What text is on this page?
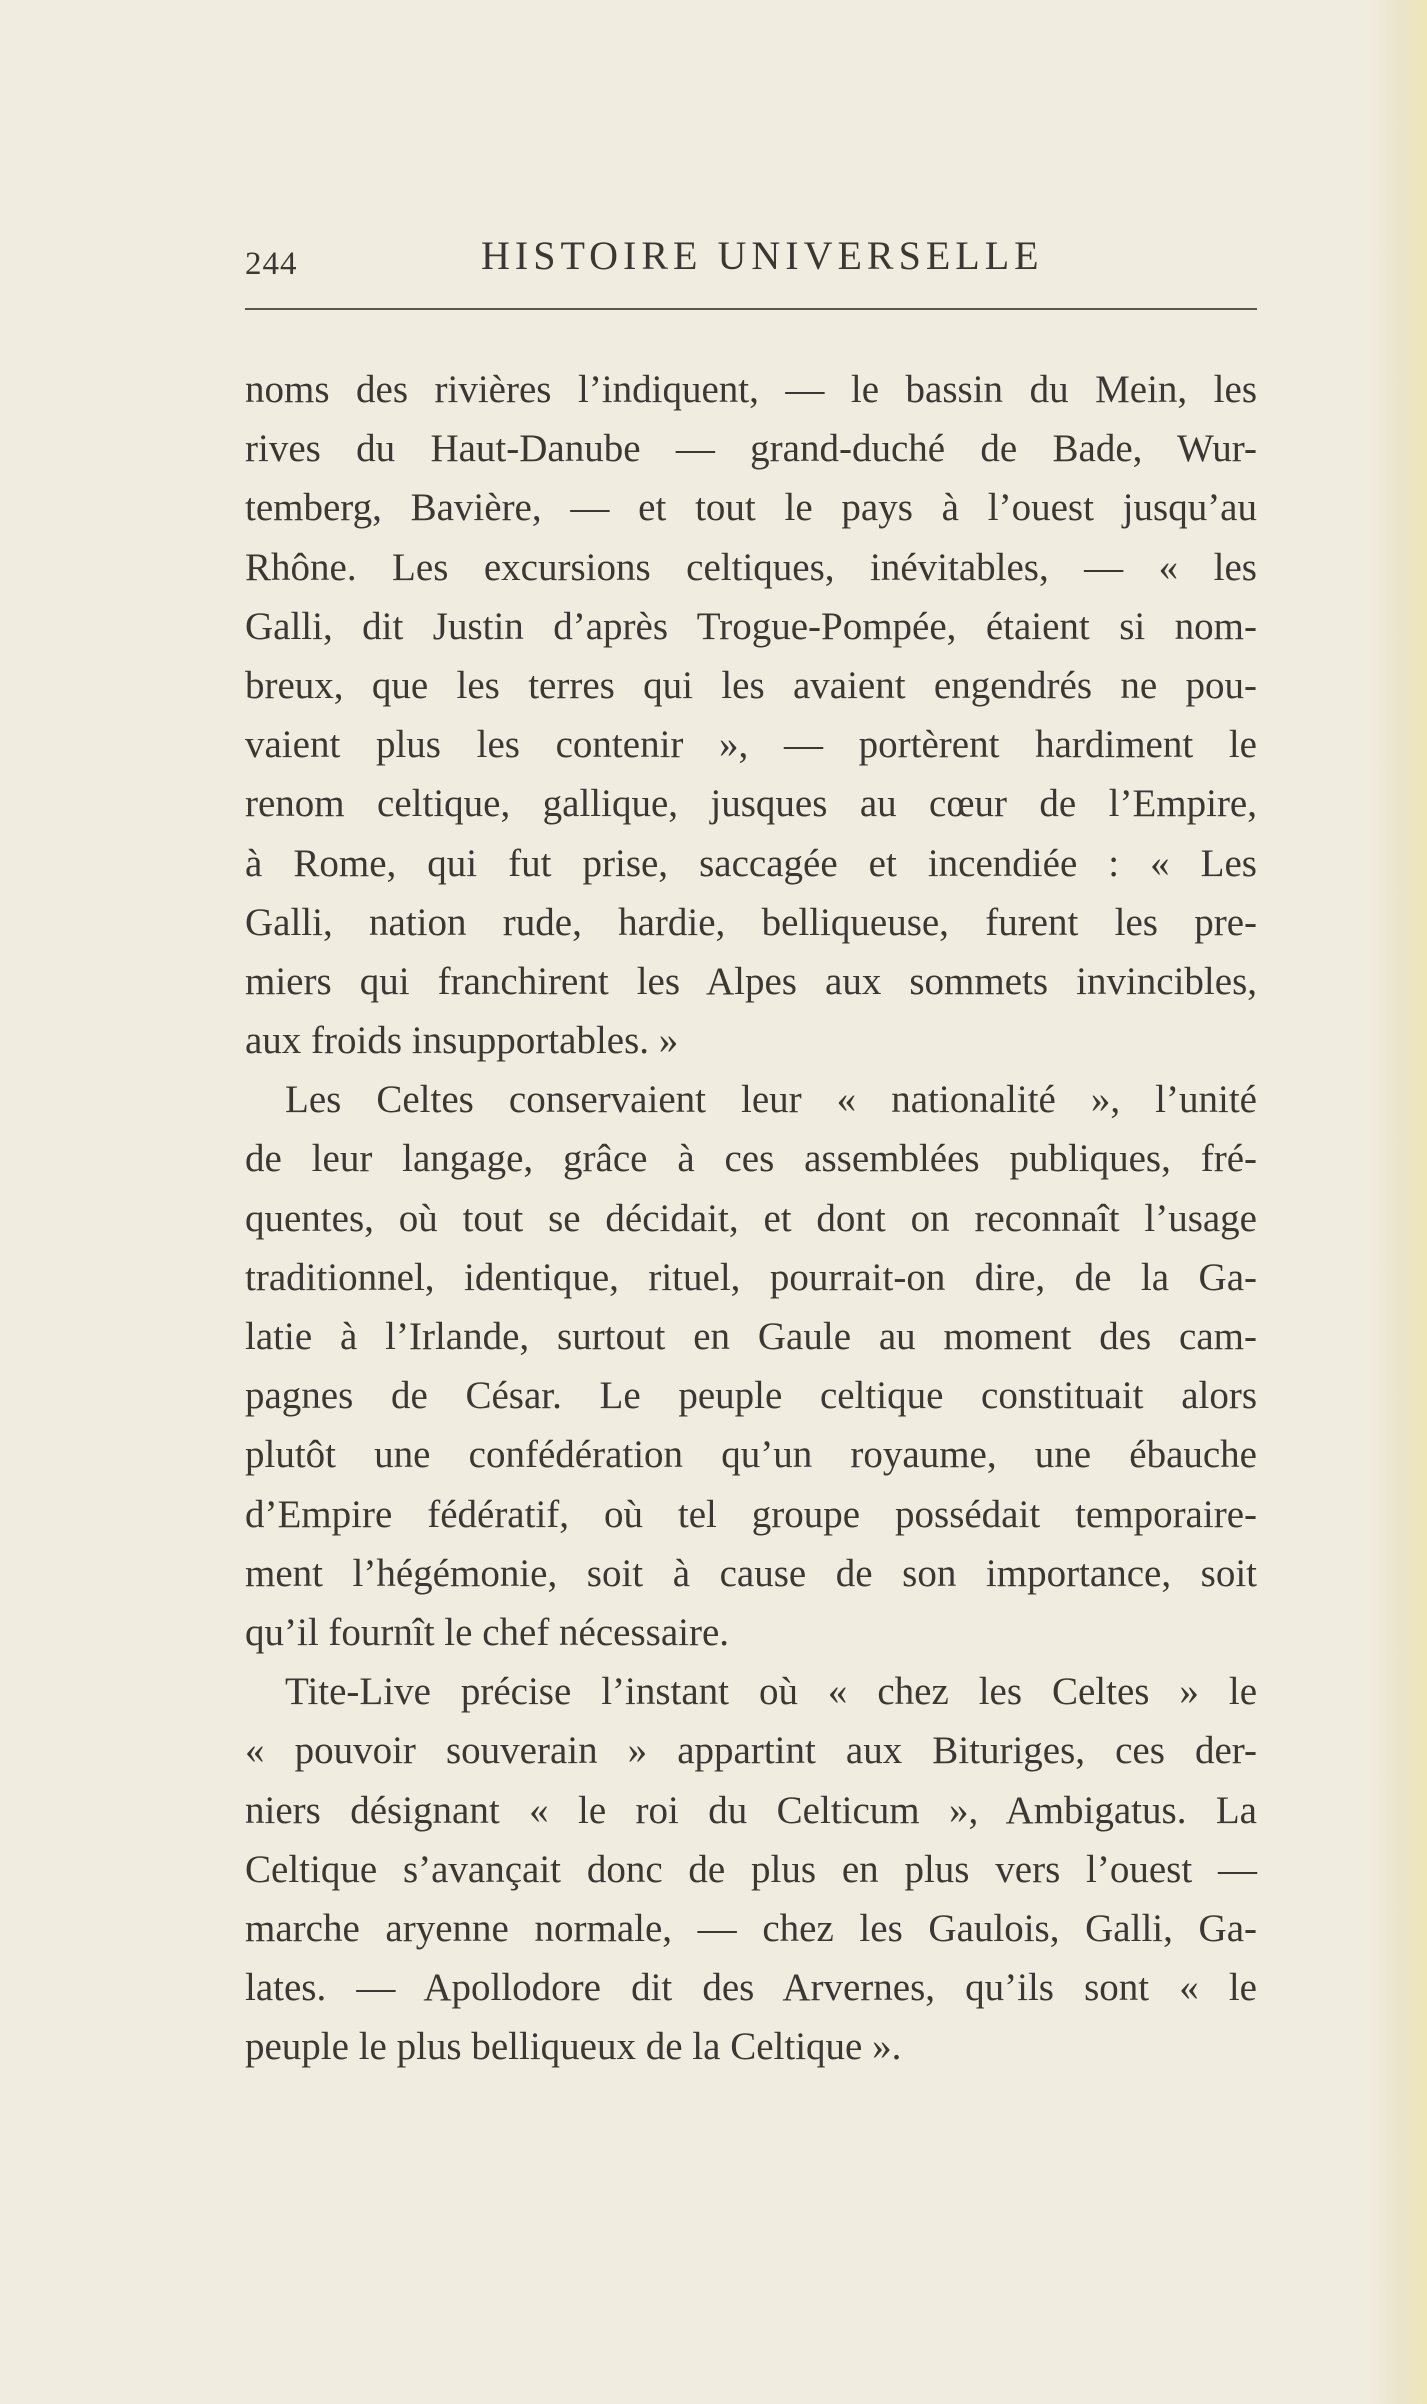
244	HISTOIRE UNIVERSELLE
noms des rivières l’indiquent, — le bassin du Mein, les
rives du Haut-Danube — grand-duché de Bade, Wur-
temberg, Bavière, — et tout le pays à l’ouest jusqu’au
Rhône. Les excursions celtiques, inévitables, — « les
Galli, dit Justin d’après Trogue-Pompée, étaient si nom-
breux, que les terres qui les avaient engendrés ne pou-
vaient plus les contenir », — portèrent hardiment le
renom celtique, gallique, jusques au cœur de l’Empire,
à Rome, qui fut prise, saccagée et incendiée : « Les
Galli, nation rude, hardie, belliqueuse, furent les pre-
miers qui franchirent les Alpes aux sommets invincibles,
aux froids insupportables. »
Les Celtes conservaient leur « nationalité », l’unité
de leur langage, grâce à ces assemblées publiques, fré-
quentes, où tout se décidait, et dont on reconnaît l’usage
traditionnel, identique, rituel, pourrait-on dire, de la Ga-
latie à l’Irlande, surtout en Gaule au moment des cam-
pagnes de César. Le peuple celtique constituait alors
plutôt une confédération qu’un royaume, une ébauche
d’Empire fédératif, où tel groupe possédait temporaire-
ment l’hégémonie, soit à cause de son importance, soit
qu’il fournît le chef nécessaire.
Tite-Live précise l’instant où « chez les Celtes » le
« pouvoir souverain » appartint aux Bituriges, ces der-
niers désignant « le roi du Celticum », Ambigatus. La
Celtique s’avançait donc de plus en plus vers l’ouest —
marche aryenne normale, — chez les Gaulois, Galli, Ga-
lates. — Apollodore dit des Arvernes, qu’ils sont « le
peuple le plus belliqueux de la Celtique ».
